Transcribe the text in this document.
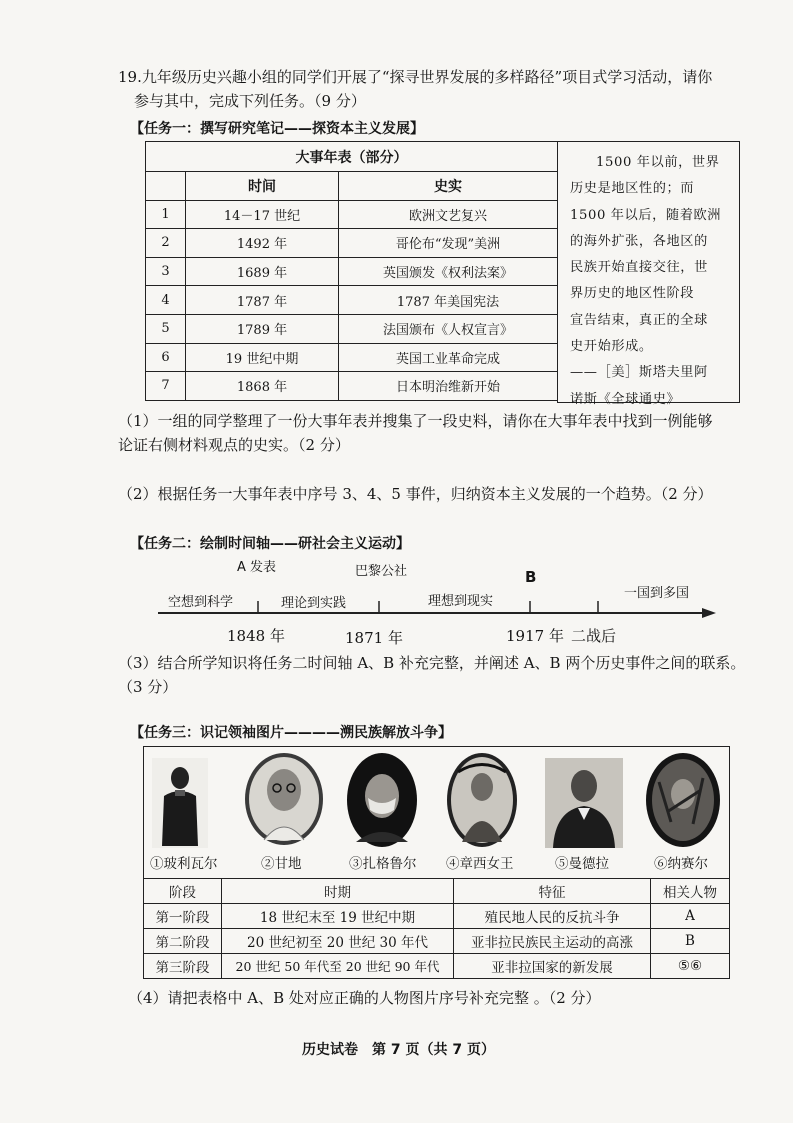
19.九年级历史兴趣小组的同学们开展了“探寻世界发展的多样路径”项目式学习活动，请你
参与其中，完成下列任务。（9 分）
【任务一：撰写研究笔记——探资本主义发展】
大事年表（部分）		
	时间	史实
1	14－17 世纪	欧洲文艺复兴
2	1492 年	哥伦布“发现”美洲
3	1689 年	英国颁发《权利法案》
4	1787 年	1787 年美国宪法
5	1789 年	法国颁布《人权宣言》
6	19 世纪中期	英国工业革命完成
7	1868 年	日本明治维新开始
1500 年以前，世界
历史是地区性的；而
1500 年以后，随着欧洲
的海外扩张，各地区的
民族开始直接交往，世
界历史的地区性阶段
宣告结束，真正的全球
史开始形成。
——［美］斯塔夫里阿
诺斯《全球通史》
（1）一组的同学整理了一份大事年表并搜集了一段史料，请你在大事年表中找到一例能够
论证右侧材料观点的史实。（2 分）
（2）根据任务一大事年表中序号 3、4、5 事件，归纳资本主义发展的一个趋势。（2 分）
【任务二：绘制时间轴——研社会主义运动】
A 发表	巴黎公社	B
空想到科学	理论到实践	理想到现实
一国到多国
1848 年	1871 年	1917 年 二战后
（3）结合所学知识将任务二时间轴 A、B 补充完整，并阐述 A、B 两个历史事件之间的联系。
（3 分）
【任务三：识记领袖图片————溯民族解放斗争】
①玻利瓦尔	②甘地	③扎格鲁尔 ④章西女王	⑤曼德拉	⑥纳赛尔
阶段	时期	特征	相关人物
第一阶段	18 世纪末至 19 世纪中期	殖民地人民的反抗斗争	A
第二阶段	20 世纪初至 20 世纪 30 年代	亚非拉民族民主运动的高涨	B
第三阶段	20 世纪 50 年代至 20 世纪 90 年代	亚非拉国家的新发展	⑤⑥
（4）请把表格中 A、B 处对应正确的人物图片序号补充完整 。（2 分）
历史试卷　第 7 页（共 7 页）
